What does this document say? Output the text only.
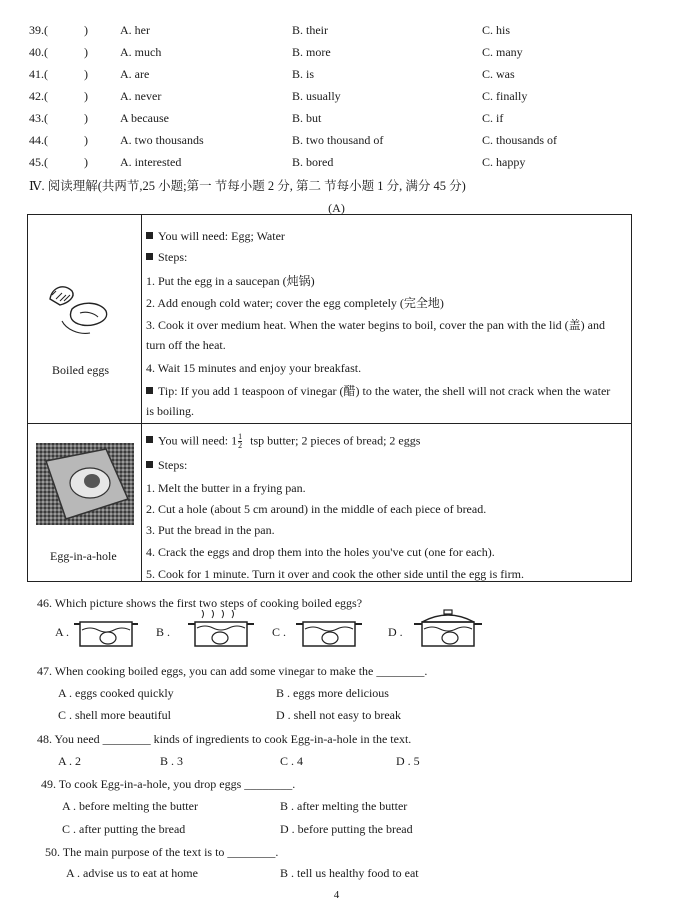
39.(	)	A. her	B. their	C. his
40.(	)	A. much	B. more	C. many
41.(	)	A. are	B. is	C. was
42.(	)	A. never	B. usually	C. finally
43.(	)	A because	B. but	C. if
44.(	)	A. two thousands	B. two thousand of	C. thousands of
45.(	)	A. interested	B. bored	C. happy
Ⅳ. 阅读理解(共两节,25 小题;第一 节每小题 2 分, 第二 节每小题 1 分, 满分 45 分)
(A)
Boiled eggs
You will need: Egg; Water
Steps:
1. Put the egg in a saucepan (炖锅)
2. Add enough cold water; cover the egg completely (完全地)
3. Cook it over medium heat. When the water begins to boil, cover the pan with the lid (盖) and
turn off the heat.
4. Wait 15 minutes and enjoy your breakfast.
Tip: If you add 1 teaspoon of vinegar (醋) to the water, the shell will not crack when the water
is boiling.
Egg-in-a-hole
You will need: $1 \frac{1}{2}$ tsp butter; 2 pieces of bread; 2 eggs
Steps:
1. Melt the butter in a frying pan.
2. Cut a hole (about 5 cm around) in the middle of each piece of bread.
3. Put the bread in the pan.
4. Crack the eggs and drop them into the holes you've cut (one for each).
5. Cook for 1 minute. Turn it over and cook the other side until the egg is firm.
46. Which picture shows the first two steps of cooking boiled eggs?
A .	B .	C .	D .
47. When cooking boiled eggs, you can add some vinegar to make the ________.
A . eggs cooked quickly	B . eggs more delicious
C . shell more beautiful	D . shell not easy to break
48. You need ________ kinds of ingredients to cook Egg-in-a-hole in the text.
A . 2	B . 3	C . 4	D . 5
49. To cook Egg-in-a-hole, you drop eggs ________.
A . before melting the butter	B . after melting the butter
C . after putting the bread	D . before putting the bread
50. The main purpose of the text is to ________.
A . advise us to eat at home	B . tell us healthy food to eat
4
